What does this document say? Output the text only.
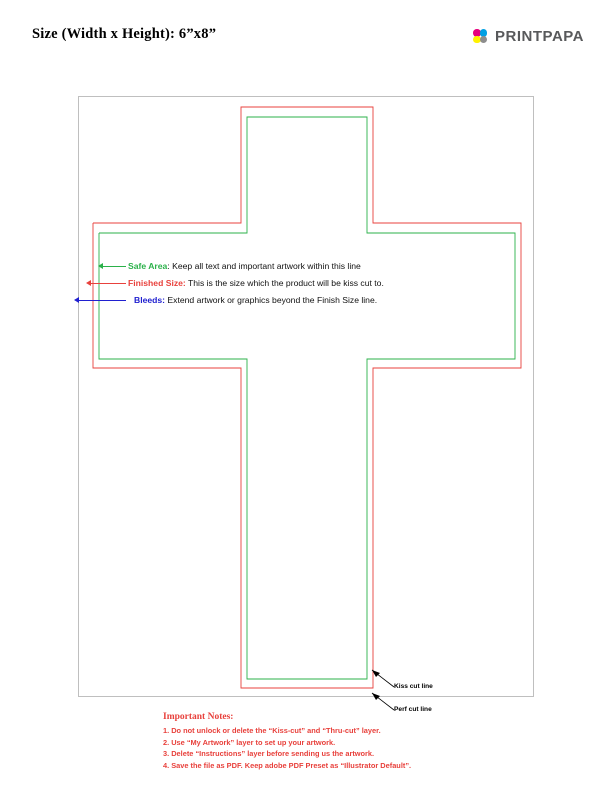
Size (Width x Height): 6”x8”	PRINTPAPA
Safe Area: Keep all text and important artwork within this line
Finished Size: This is the size which the product will be kiss cut to.
Bleeds: Extend artwork or graphics beyond the Finish Size line.
Kiss cut line
Perf cut line
Important Notes:
1. Do not unlock or delete the “Kiss-cut” and “Thru-cut” layer.
2. Use “My Artwork” layer to set up your artwork.
3. Delete “Instructions” layer before sending us the artwork.
4. Save the file as PDF. Keep adobe PDF Preset as “Illustrator Default”.
